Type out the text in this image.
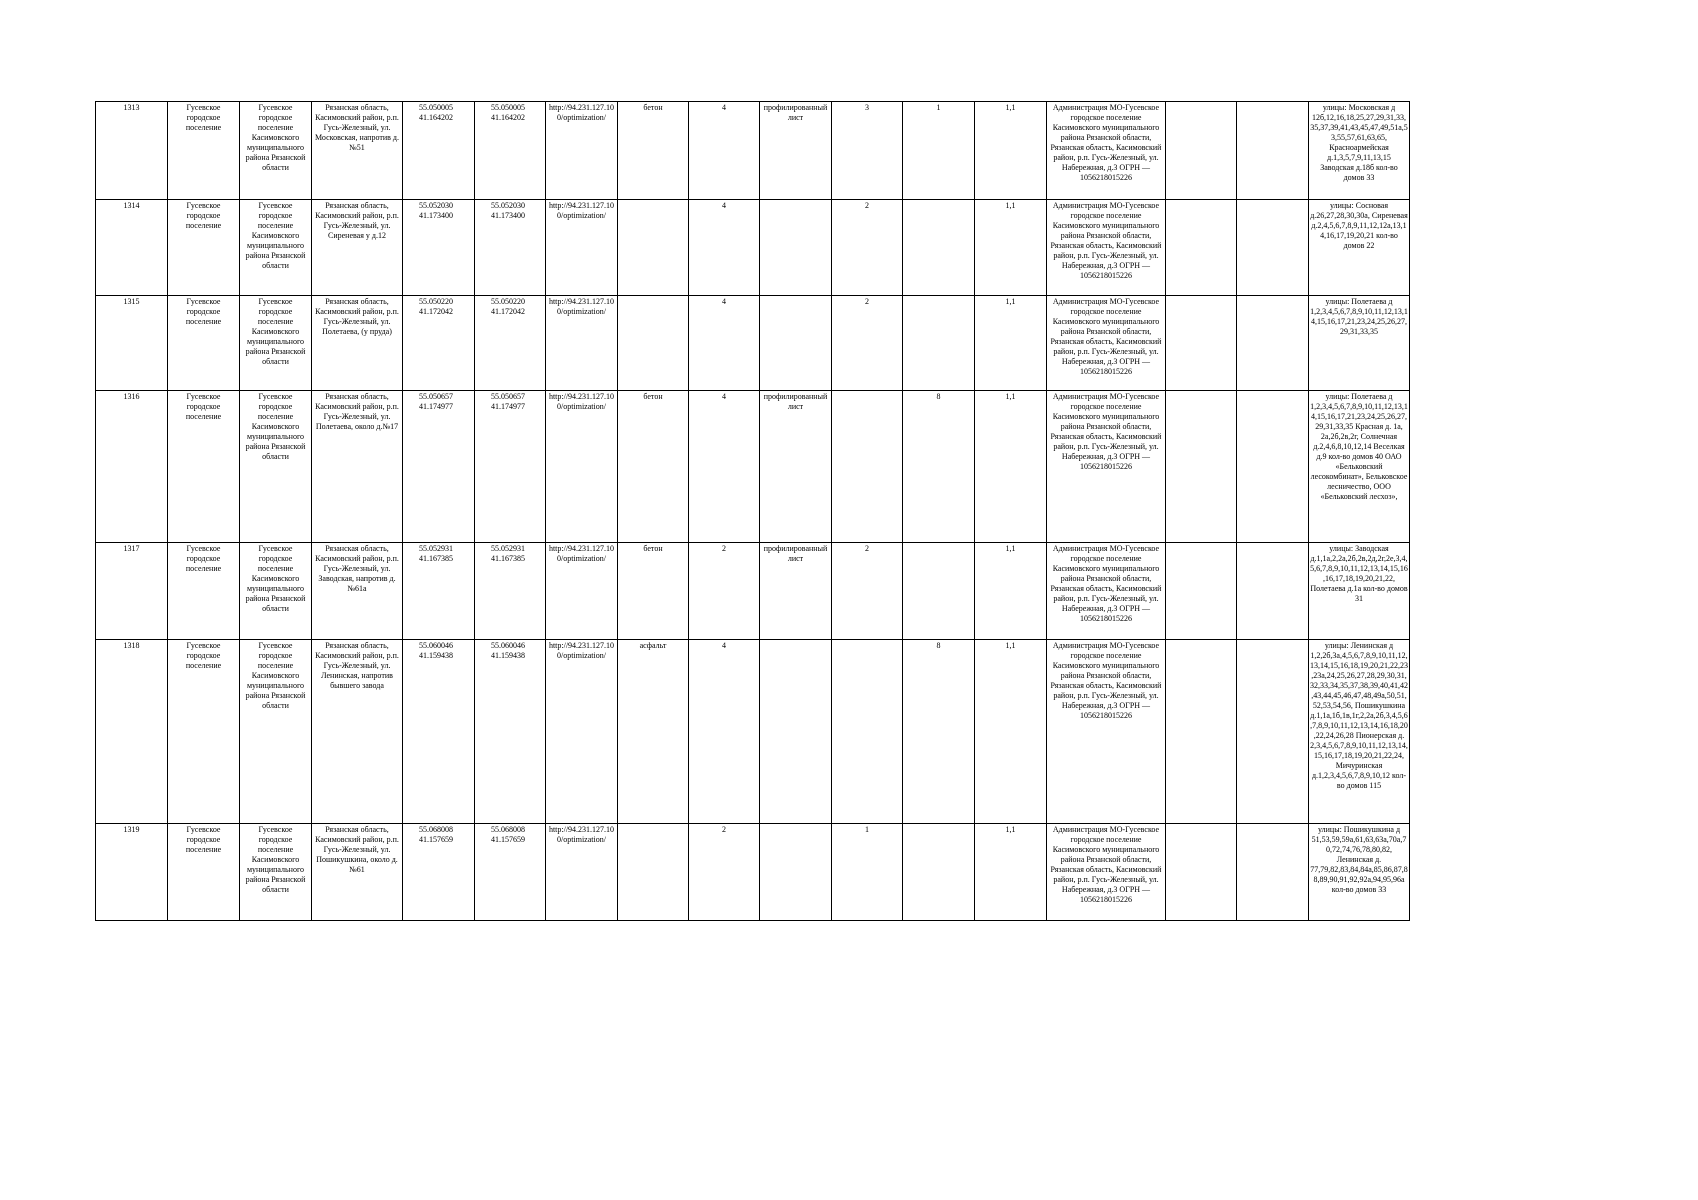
1313	Гусевское городское поселение	Гусевское городское поселение Касимовского муниципального района Рязанской области	Рязанская область, Касимовский район, р.п. Гусь-Железный, ул. Московская, напротив д.№51	55.050005 41.164202	55.050005 41.164202	http://94.231.127.100/optimization/	бетон	4	профилированный лист	3	1	1,1	Администрация МО-Гусевское городское поселение Касимовского муниципального района Рязанской области, Рязанская область, Касимовский район, р.п. Гусь-Железный, ул. Набережная, д.3 ОГРН — 1056218015226			улицы: Московская д 12б,12,16,18,25,27,29,31,33,35,37,39,41,43,45,47,49,51а,53,55,57,61,63,65, Красноармейская д.1,3,5,7,9,11,13,15 Заводская д.18б кол-во домов 33
1314	Гусевское городское поселение	Гусевское городское поселение Касимовского муниципального района Рязанской области	Рязанская область, Касимовский район, р.п. Гусь-Железный, ул. Сиреневая у д.12	55.052030 41.173400	55.052030 41.173400	http://94.231.127.100/optimization/		4		2		1,1	Администрация МО-Гусевское городское поселение Касимовского муниципального района Рязанской области, Рязанская область, Касимовский район, р.п. Гусь-Железный, ул. Набережная, д.3 ОГРН — 1056218015226			улицы: Сосновая д.26,27,28,30,30а, Сиреневая д.2,4,5,6,7,8,9,11,12,12а,13,14,16,17,19,20,21 кол-во домов 22
1315	Гусевское городское поселение	Гусевское городское поселение Касимовского муниципального района Рязанской области	Рязанская область, Касимовский район, р.п. Гусь-Железный, ул. Полетаева, (у пруда)	55.050220 41.172042	55.050220 41.172042	http://94.231.127.100/optimization/		4		2		1,1	Администрация МО-Гусевское городское поселение Касимовского муниципального района Рязанской области, Рязанская область, Касимовский район, р.п. Гусь-Железный, ул. Набережная, д.3 ОГРН — 1056218015226			улицы: Полетаева д 1,2,3,4,5,6,7,8,9,10,11,12,13,14,15,16,17,21,23,24,25,26,27,29,31,33,35
1316	Гусевское городское поселение	Гусевское городское поселение Касимовского муниципального района Рязанской области	Рязанская область, Касимовский район, р.п. Гусь-Железный, ул. Полетаева, около д.№17	55.050657 41.174977	55.050657 41.174977	http://94.231.127.100/optimization/	бетон	4	профилированный лист		8	1,1	Администрация МО-Гусевское городское поселение Касимовского муниципального района Рязанской области, Рязанская область, Касимовский район, р.п. Гусь-Железный, ул. Набережная, д.3 ОГРН — 1056218015226			улицы: Полетаева д 1,2,3,4,5,6,7,8,9,10,11,12,13,14,15,16,17,21,23,24,25,26,27,29,31,33,35 Красная д. 1а, 2а,2б,2в,2г, Солнечная д.2,4,6,8,10,12,14 Веселкая д.9 кол-во домов 40 ОАО «Бельковский лесокомбинат», Бельковское лесничество, ООО «Бельковский лесхоз»,
1317	Гусевское городское поселение	Гусевское городское поселение Касимовского муниципального района Рязанской области	Рязанская область, Касимовский район, р.п. Гусь-Железный, ул. Заводская, напротив д.№61а	55.052931 41.167385	55.052931 41.167385	http://94.231.127.100/optimization/	бетон	2	профилированный лист	2		1,1	Администрация МО-Гусевское городское поселение Касимовского муниципального района Рязанской области, Рязанская область, Касимовский район, р.п. Гусь-Железный, ул. Набережная, д.3 ОГРН — 1056218015226			улицы: Заводская д.1,1а,2,2а,2б,2в,2д,2г,2е,3,4,5,6,7,8,9,10,11,12,13,14,15,16,16,17,18,19,20,21,22, Полетаева д.1а кол-во домов 31
1318	Гусевское городское поселение	Гусевское городское поселение Касимовского муниципального района Рязанской области	Рязанская область, Касимовский район, р.п. Гусь-Железный, ул. Ленинская, напротив бывшего завода	55.060046 41.159438	55.060046 41.159438	http://94.231.127.100/optimization/	асфальт	4			8	1,1	Администрация МО-Гусевское городское поселение Касимовского муниципального района Рязанской области, Рязанская область, Касимовский район, р.п. Гусь-Железный, ул. Набережная, д.3 ОГРН — 1056218015226			улицы: Ленинская д 1,2,2б,3а,4,5,6,7,8,9,10,11,12,13,14,15,16,18,19,20,21,22,23,23а,24,25,26,27,28,29,30,31,32,33,34,35,37,38,39,40,41,42,43,44,45,46,47,48,49а,50,51,52,53,54,56, Пошикушкина д.1,1а,1б,1в,1г,2,2а,2б,3,4,5,6,7,8,9,10,11,12,13,14,16,18,20,22,24,26,28 Пионерская д. 2,3,4,5,6,7,8,9,10,11,12,13,14,15,16,17,18,19,20,21,22,24, Мичуринская д.1,2,3,4,5,6,7,8,9,10,12 кол-во домов 115
1319	Гусевское городское поселение	Гусевское городское поселение Касимовского муниципального района Рязанской области	Рязанская область, Касимовский район, р.п. Гусь-Железный, ул. Пошикушкина, около д.№61	55.068008 41.157659	55.068008 41.157659	http://94.231.127.100/optimization/		2		1		1,1	Администрация МО-Гусевское городское поселение Касимовского муниципального района Рязанской области, Рязанская область, Касимовский район, р.п. Гусь-Железный, ул. Набережная, д.3 ОГРН — 1056218015226			улицы: Пошикушкина д 51,53,59,59а,61,63,63а,70а,70,72,74,76,78,80,82, Ленинская д. 77,79,82,83,84,84а,85,86,87,88,89,90,91,92,92а,94,95,96а кол-во домов 33
